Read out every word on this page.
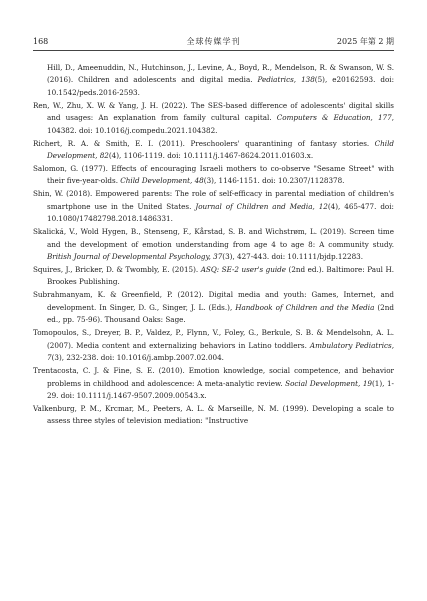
168	全球传媒学刊	2025 年第 2 期

Hill, D., Ameenuddin, N., Hutchinson, J., Levine, A., Boyd, R., Mendelson, R. & Swanson, W. S. (2016). Children and adolescents and digital media. Pediatrics, 138(5), e20162593. doi: 10.1542/peds.2016-2593.

Ren, W., Zhu, X. W. & Yang, J. H. (2022). The SES-based difference of adolescents' digital skills and usages: An explanation from family cultural capital. Computers & Education, 177, 104382. doi: 10.1016/j.compedu.2021.104382.

Richert, R. A. & Smith, E. I. (2011). Preschoolers' quarantining of fantasy stories. Child Development, 82(4), 1106-1119. doi: 10.1111/j.1467-8624.2011.01603.x.

Salomon, G. (1977). Effects of encouraging Israeli mothers to co-observe "Sesame Street" with their five-year-olds. Child Development, 48(3), 1146-1151. doi: 10.2307/1128378.

Shin, W. (2018). Empowered parents: The role of self-efficacy in parental mediation of children's smartphone use in the United States. Journal of Children and Media, 12(4), 465-477. doi: 10.1080/17482798.2018.1486331.

Skalická, V., Wold Hygen, B., Stenseng, F., Kårstad, S. B. and Wichstrøm, L. (2019). Screen time and the development of emotion understanding from age 4 to age 8: A community study. British Journal of Developmental Psychology, 37(3), 427-443. doi: 10.1111/bjdp.12283.

Squires, J., Bricker, D. & Twombly, E. (2015). ASQ: SE-2 user's guide (2nd ed.). Baltimore: Paul H. Brookes Publishing.

Subrahmanyam, K. & Greenfield, P. (2012). Digital media and youth: Games, Internet, and development. In Singer, D. G., Singer, J. L. (Eds.), Handbook of Children and the Media (2nd ed., pp. 75-96). Thousand Oaks: Sage.

Tomopoulos, S., Dreyer, B. P., Valdez, P., Flynn, V., Foley, G., Berkule, S. B. & Mendelsohn, A. L. (2007). Media content and externalizing behaviors in Latino toddlers. Ambulatory Pediatrics, 7(3), 232-238. doi: 10.1016/j.ambp.2007.02.004.

Trentacosta, C. J. & Fine, S. E. (2010). Emotion knowledge, social competence, and behavior problems in childhood and adolescence: A meta-analytic review. Social Development, 19(1), 1-29. doi: 10.1111/j.1467-9507.2009.00543.x.

Valkenburg, P. M., Krcmar, M., Peeters, A. L. & Marseille, N. M. (1999). Developing a scale to assess three styles of television mediation: "Instructive
